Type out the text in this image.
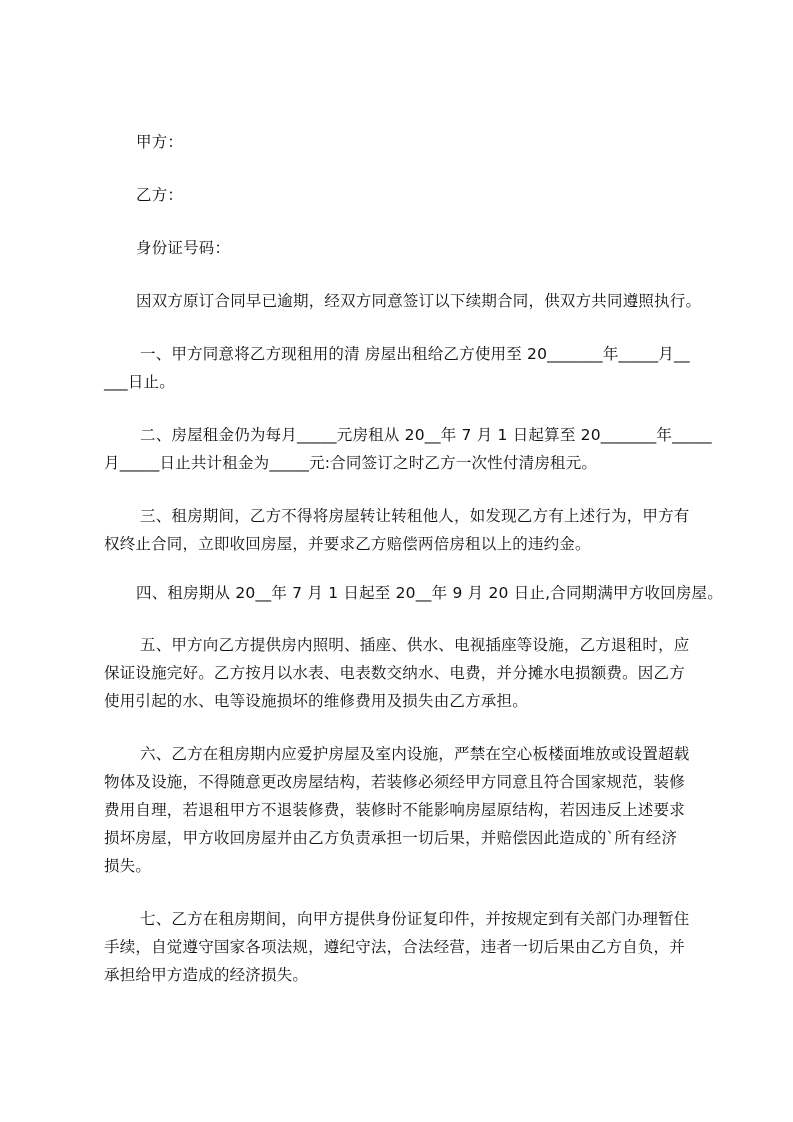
甲方：

乙方：

身份证号码：

因双方原订合同早已逾期，经双方同意签订以下续期合同，供双方共同遵照执行。

一、甲方同意将乙方现租用的清 房屋出租给乙方使用至 20_______年_____月__

___日止。

二、房屋租金仍为每月_____元房租从 20__年 7 月 1 日起算至 20_______年_____

月_____日止共计租金为_____元:合同签订之时乙方一次性付清房租元。

三、租房期间，乙方不得将房屋转让转租他人，如发现乙方有上述行为，甲方有

权终止合同，立即收回房屋，并要求乙方赔偿两倍房租以上的违约金。

四、租房期从 20__年 7 月 1 日起至 20__年 9 月 20 日止,合同期满甲方收回房屋。

五、甲方向乙方提供房内照明、插座、供水、电视插座等设施，乙方退租时，应

保证设施完好。乙方按月以水表、电表数交纳水、电费，并分摊水电损额费。因乙方

使用引起的水、电等设施损坏的维修费用及损失由乙方承担。

六、乙方在租房期内应爱护房屋及室内设施，严禁在空心板楼面堆放或设置超载

物体及设施，不得随意更改房屋结构，若装修必须经甲方同意且符合国家规范，装修

费用自理，若退租甲方不退装修费，装修时不能影响房屋原结构，若因违反上述要求

损坏房屋，甲方收回房屋并由乙方负责承担一切后果，并赔偿因此造成的`所有经济

损失。

七、乙方在租房期间，向甲方提供身份证复印件，并按规定到有关部门办理暂住

手续，自觉遵守国家各项法规，遵纪守法，合法经营，违者一切后果由乙方自负，并

承担给甲方造成的经济损失。
